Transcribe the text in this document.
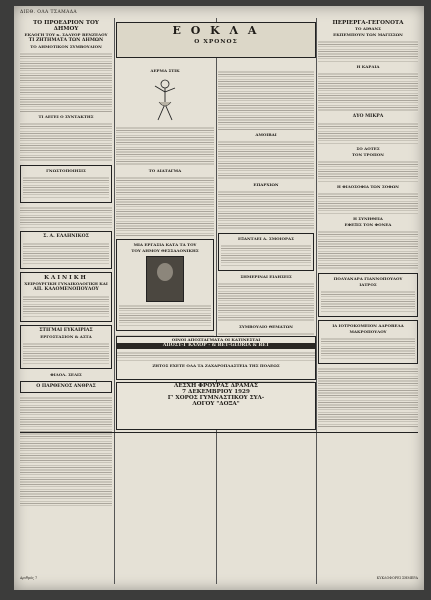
ΔΙΕΘ. ΟΛΑ ΤΣΑΜΑΔΑ
ΤΟ ΠΡΟΕΔΡΙΟΝ ΤΟΥ ΔΗΜΟΥ
ΕΚΛΟΓΗ ΤΟΥ κ. ΣΑΛΥΟΡ ΒΕΝΖΕΛΟΥ
ΤΙ ΖΗΤΗΜΑΤΑ ΤΩΝ ΔΗΜΩΝ
ΤΟ ΔΗΜΟΤΙΚΟΝ ΣΥΜΒΟΥΛΙΟΝ
ΤΙ ΛΕΓΕΙ Ο ΣΥΝΤΑΚΤΗΣ
ΓΝΩΣΤΟΠΟΙΗΣΙΣ
Σ. Α. ΕΛΛΗΝΙΚΟΣ
ΚΛΙΝΙΚΗ
ΧΕΙΡΟΥΡΓΙΚΗ ΓΥΝΑΙΚΟΛΟΓΙΚΗ ΚΑΙ
ΑΠ. ΚΑΛΟΜΕΝΟΠΟΥΛΟΥ
ΣΤΙΓΜΑΙ ΕΥΚΑΙΡΙΑΣ
ΕΡΓΟΣΤΑΣΙΟΝ & ΑΣΤΑ
ΦΙΛΟΛ. ΣΕΛΙΣ
Ο ΠΑΡΘΕΝΟΣ ΑΝΘΡΑΣ
ΔΕΡΜΑ ΣΤΙΚ
ΤΟ ΔΙΑΤΑΓΜΑ
ΜΙΑ ΕΡΓΑΣΙΑ ΚΑΤΑ ΤΑ ΤΟΥ
ΤΟΥ ΔΗΜΟΥ ΘΕΣΣΑΛΟΝΙΚΗΣ
ΑΜΟΙΒΑΙ
ΕΠΑΡΧΙΩΝ
ΕΞΑΝΤΛΕΙ Α. ΣΜΟΙΟΡΑΣ
ΣΗΜΕΡΙΝΑΙ ΕΙΔΗΣΕΙΣ
ΣΥΜΒΟΥΛΙΟ ΘΕΜΑΤΩΝ
ΠΕΡΙΕΡΓΑ-ΓΕΓΟΝΟΤΑ
ΤΟ ΑΙΘΑΝΣ
ΕΚΠΕΜΠΟΥΝ ΤΩΝ ΜΑΓΙΣΣΩΝ
Η ΚΑΡΔΙΑ
ΔΥΟ ΜΙΚΡΑ
ΣΟ ΑΟΤΕΣ
ΤΟΝ ΤΡΟΠΟΝ
Η ΦΙΛΟΣΟΦΙΑ ΤΩΝ ΣΟΦΩΝ
Η ΣΥΝΗΘΕΙΑ
ΕΦΕΞΙΣ ΤΟΝ ΦΟΝΕΑ
ΠΟΛΥΑΝΔΡΑ ΓΙΑΝΝΟΠΟΥΛΟΥ
ΙΑΤΡΟΣ
ΙΔ ΙΟΤΡΟΚΟΜΕΙΟΝ ΑΔΡΟΒΕΛΑ ΜΑΚΡΟΠΟΥΛΟΥ
Ε Ο Κ Λ Α
Ο ΧΡΟΝΟΣ
ΟΙΝΟΙ ΑΠΟΣΤΑΓΜΑΤΑ ΟΙ ΚΑΤΙΝΕΣΤΑΙ
ΑΠΟΣΤ-Γ ΚΑΛΟΡ - & ΒΕΤ-GLORIA & ΒΕΤ
ΖΗΤΟΣ ΕΧΕΤΕ ΟΛΑ ΤΑ ΖΑΧΑΡΟΠΛΑΣΤΕΙΑ ΤΗΣ ΠΟΛΕΩΣ
ΛΕΣΧΗ ΦΡΟΥΡΑΣ ΔΡΑΜΑΣ
7 ΔΕΚΕΜΒΡΙΟΥ 1929
Γ' ΧΟΡΟΣ ΓΥΜΝΑΣΤΙΚΟΥ ΣΥΛ-
ΛΟΓΟΥ "ΔΟΞΑ"
Αριθμός 7	ΚΥΚΛΟΦΟΡΕΙ ΣΗΜΕΡΑ
